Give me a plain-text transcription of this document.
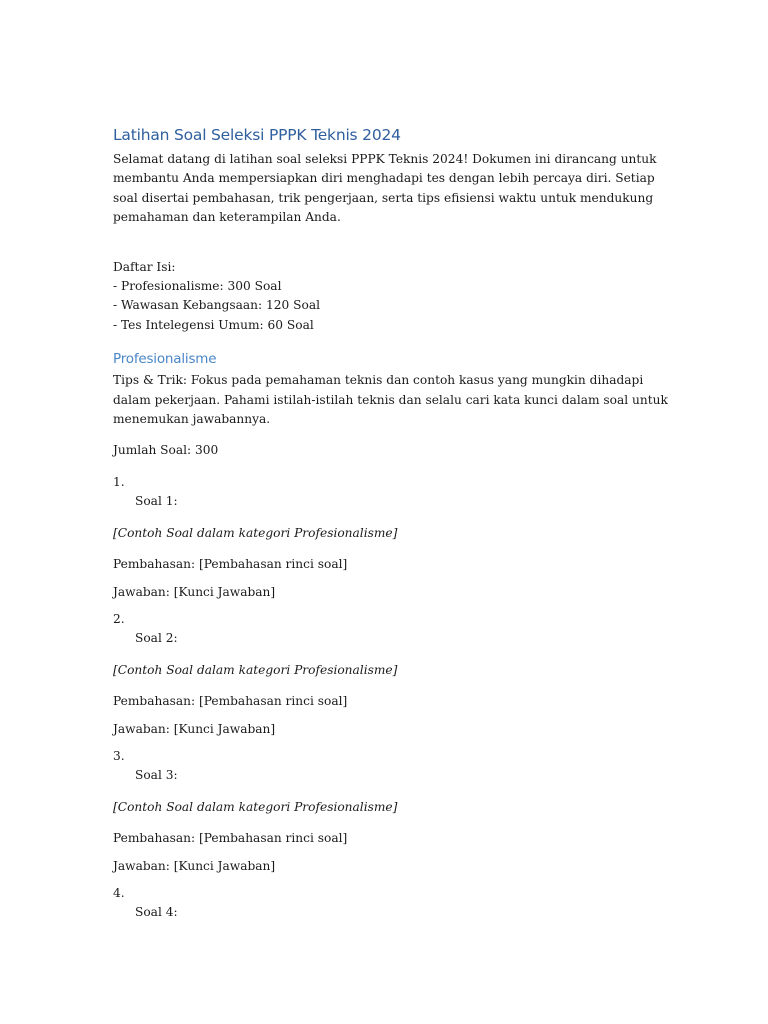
Latihan Soal Seleksi PPPK Teknis 2024

Selamat datang di latihan soal seleksi PPPK Teknis 2024! Dokumen ini dirancang untuk membantu Anda mempersiapkan diri menghadapi tes dengan lebih percaya diri. Setiap soal disertai pembahasan, trik pengerjaan, serta tips efisiensi waktu untuk mendukung pemahaman dan keterampilan Anda.

Daftar Isi:

- Profesionalisme: 300 Soal

- Wawasan Kebangsaan: 120 Soal

- Tes Intelegensi Umum: 60 Soal

Profesionalisme

Tips & Trik: Fokus pada pemahaman teknis dan contoh kasus yang mungkin dihadapi dalam pekerjaan. Pahami istilah-istilah teknis dan selalu cari kata kunci dalam soal untuk menemukan jawabannya.

Jumlah Soal: 300

1.

Soal 1:

[Contoh Soal dalam kategori Profesionalisme]

Pembahasan: [Pembahasan rinci soal]

Jawaban: [Kunci Jawaban]

2.

Soal 2:

[Contoh Soal dalam kategori Profesionalisme]

Pembahasan: [Pembahasan rinci soal]

Jawaban: [Kunci Jawaban]

3.

Soal 3:

[Contoh Soal dalam kategori Profesionalisme]

Pembahasan: [Pembahasan rinci soal]

Jawaban: [Kunci Jawaban]

4.

Soal 4:
